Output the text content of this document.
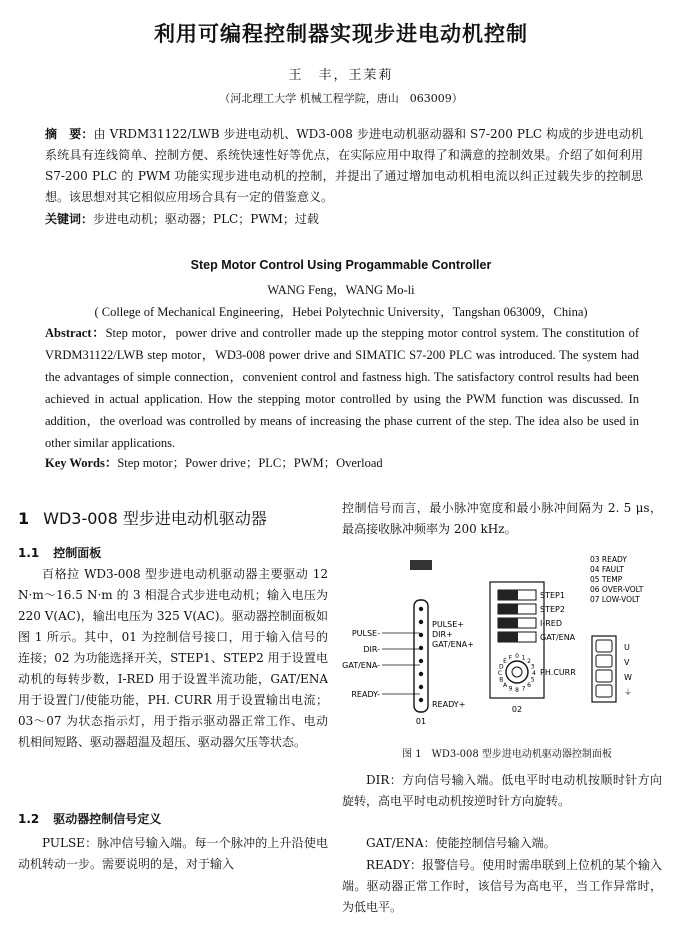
利用可编程控制器实现步进电动机控制
王　丰，王茉莉
（河北理工大学 机械工程学院，唐山　063009）
摘　要：由 VRDM31122/LWB 步进电动机、WD3-008 步进电动机驱动器和 S7-200 PLC 构成的步进电动机系统具有连线简单、控制方便、系统快速性好等优点，在实际应用中取得了和满意的控制效果。介绍了如何利用 S7-200 PLC 的 PWM 功能实现步进电动机的控制，并提出了通过增加电动机相电流以纠正过载失步的控制思想。该思想对其它相似应用场合具有一定的借鉴意义。
关键词：步进电动机；驱动器；PLC；PWM；过载
Step Motor Control Using Progammable Controller
WANG Feng，WANG Mo-li
( College of Mechanical Engineering，Hebei Polytechnic University，Tangshan 063009，China)
Abstract：Step motor，power drive and controller made up the stepping motor control system. The constitution of VRDM31122/LWB step motor，WD3-008 power drive and SIMATIC S7-200 PLC was introduced. The system had the advantages of simple connection，convenient control and fastness high. The satisfactory control results had been achieved in actual application. How the stepping motor controlled by using the PWM function was discussed. In addition，the overload was controlled by means of increasing the phase current of the step. The idea also be used in other similar applications.
Key Words：Step motor；Power drive；PLC；PWM；Overload
1 WD3-008 型步进电动机驱动器
1.1 控制面板
百格拉 WD3-008 型步进电动机驱动器主要驱动 12 N·m～16.5 N·m 的 3 相混合式步进电动机；输入电压为 220 V(AC)，输出电压为 325 V(AC)。驱动器控制面板如图 1 所示。其中，01 为控制信号接口，用于输入信号的连接；02 为功能选择开关，STEP1、STEP2 用于设置电动机的每转步数，I-RED 用于设置半流功能，GAT/ENA 用于设置门/使能功能，PH. CURR 用于设置输出电流；03～07 为状态指示灯，用于指示驱动器正常工作、电动机相间短路、驱动器超温及超压、驱动器欠压等状态。
1.2 驱动器控制信号定义
PULSE：脉冲信号输入端。每一个脉冲的上升沿使电动机转动一步。需要说明的是，对于输入
控制信号而言，最小脉冲宽度和最小脉冲间隔为 2. 5 μs，最高接收脉冲频率为 200 kHz。
PULSE-
DIR-
GAT/ENA-
READY-
PULSE+
DIR+
GAT/ENA+
READY+
01
STEP1
STEP2
I-RED
GAT/ENA
0 1
2
3
4
5
6
7
8
9
A
B
C
D
E
F
PH.CURR
02
03 READY
04 FAULT
05 TEMP
06 OVER-VOLT
07 LOW-VOLT
U
V
W
⏚
图 1　WD3-008 型步进电动机驱动器控制面板
DIR：方向信号输入端。低电平时电动机按顺时针方向旋转，高电平时电动机按逆时针方向旋转。
GAT/ENA：使能控制信号输入端。
READY：报警信号。使用时需串联到上位机的某个输入端。驱动器正常工作时，该信号为高电平，当工作异常时，为低电平。
